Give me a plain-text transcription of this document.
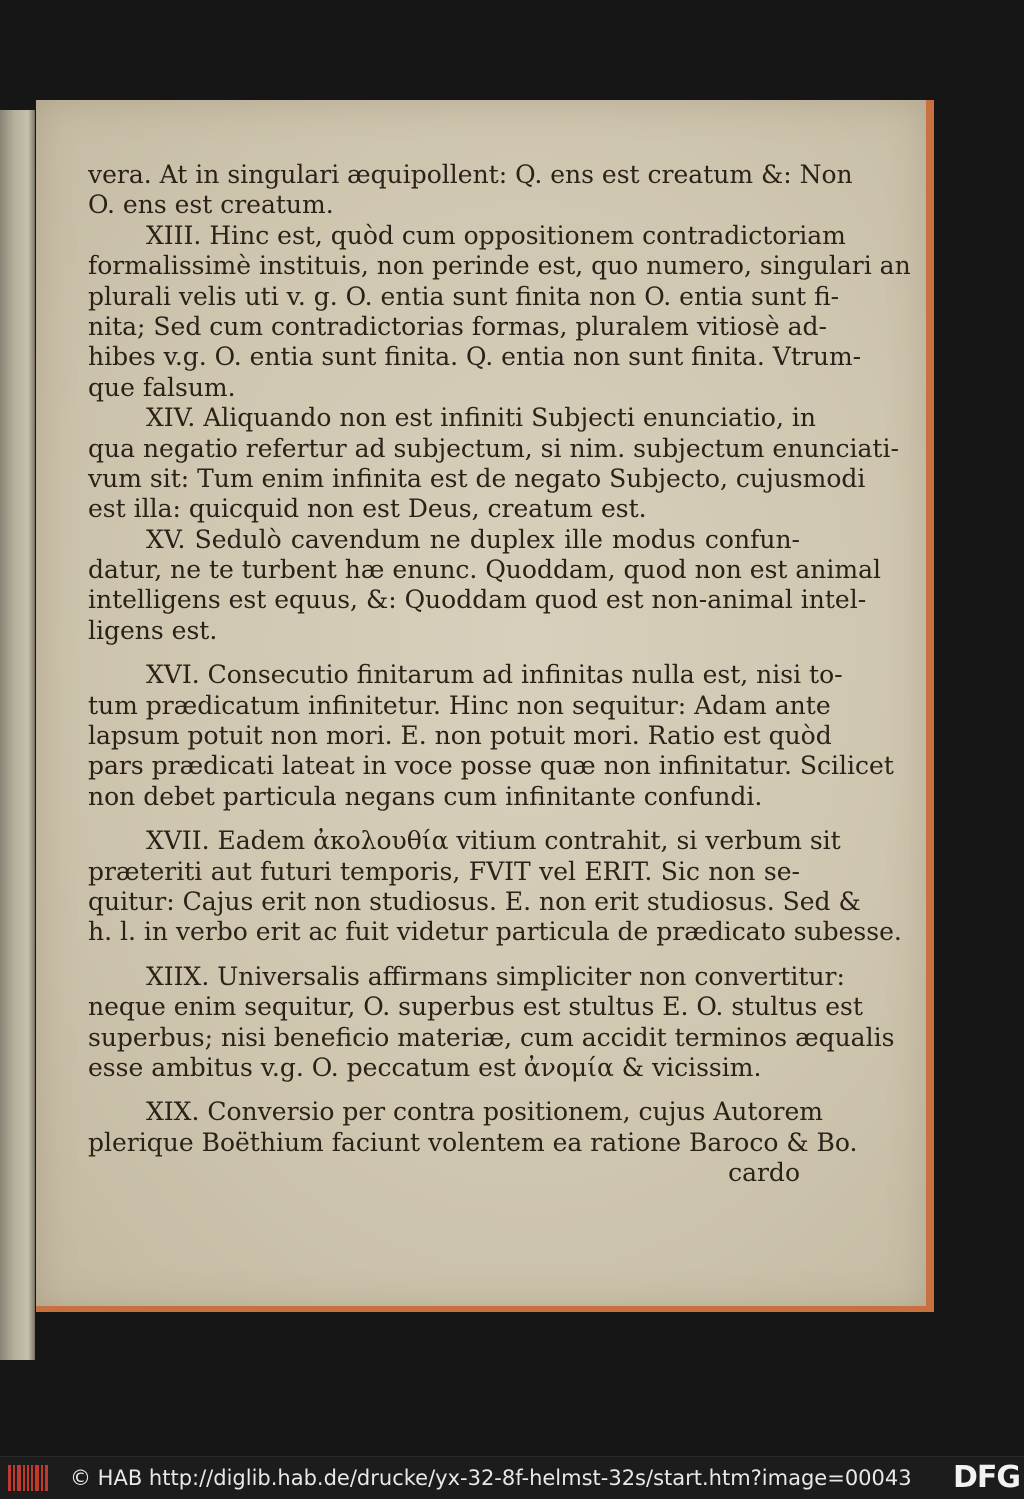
vera. At in singulari æquipollent: Q. ens est creatum &: Non
O. ens est creatum.
XIII. Hinc est, quòd cum oppositionem contradictoriam
formalissimè instituis, non perinde est, quo numero, singulari an
plurali velis uti v. g. O. entia sunt finita non O. entia sunt fi-
nita; Sed cum contradictorias formas, pluralem vitiosè ad-
hibes v.g. O. entia sunt finita. Q. entia non sunt finita. Vtrum-
que falsum.
XIV. Aliquando non est infiniti Subjecti enunciatio, in
qua negatio refertur ad subjectum, si nim. subjectum enunciati-
vum sit: Tum enim infinita est de negato Subjecto, cujusmodi
est illa: quicquid non est Deus, creatum est.
XV. Sedulò cavendum ne duplex ille modus confun-
datur, ne te turbent hæ enunc. Quoddam, quod non est animal
intelligens est equus, &: Quoddam quod est non-animal intel-
ligens est.
XVI. Consecutio finitarum ad infinitas nulla est, nisi to-
tum prædicatum infinitetur. Hinc non sequitur: Adam ante
lapsum potuit non mori. E. non potuit mori. Ratio est quòd
pars prædicati lateat in voce posse quæ non infinitatur. Scilicet
non debet particula negans cum infinitante confundi.
XVII. Eadem ἀκολουθία vitium contrahit, si verbum sit
præteriti aut futuri temporis, FVIT vel ERIT. Sic non se-
quitur: Cajus erit non studiosus. E. non erit studiosus. Sed &
h. l. in verbo erit ac fuit videtur particula de prædicato subesse.
XIIX. Universalis affirmans simpliciter non convertitur:
neque enim sequitur, O. superbus est stultus E. O. stultus est
superbus; nisi beneficio materiæ, cum accidit terminos æqualis
esse ambitus v.g. O. peccatum est ἀνομία & vicissim.
XIX. Conversio per contra positionem, cujus Autorem
plerique Boëthium faciunt volentem ea ratione Baroco & Bo.
cardo
© HAB http://diglib.hab.de/drucke/yx-32-8f-helmst-32s/start.htm?image=00043	DFG
